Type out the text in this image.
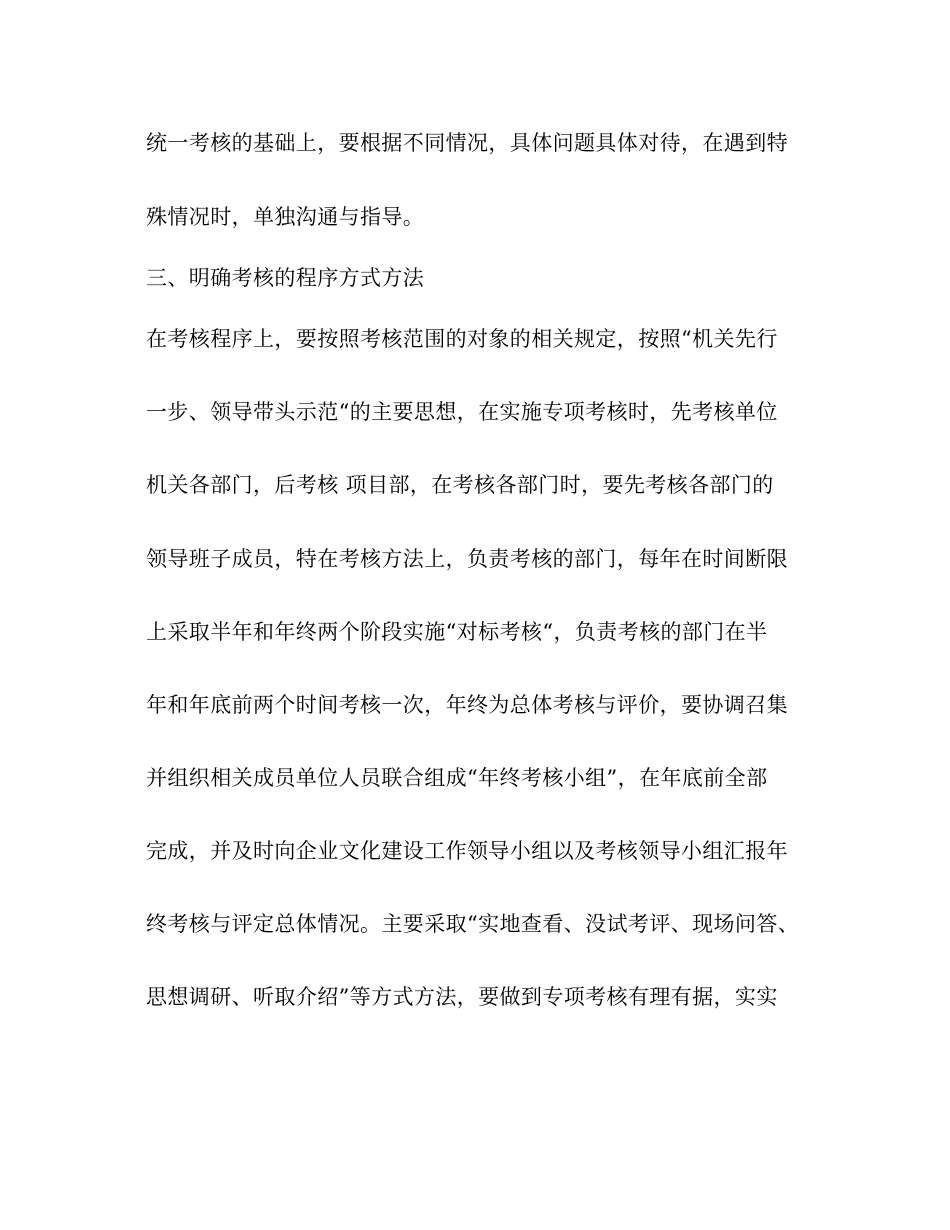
统一考核的基础上，要根据不同情况，具体问题具体对待，在遇到特
殊情况时，单独沟通与指导。
三、明确考核的程序方式方法
在考核程序上，要按照考核范围的对象的相关规定，按照“机关先行
一步、领导带头示范“的主要思想，在实施专项考核时，先考核单位
机关各部门，后考核 项目部，在考核各部门时，要先考核各部门的
领导班子成员，特在考核方法上，负责考核的部门，每年在时间断限
上采取半年和年终两个阶段实施“对标考核“，负责考核的部门在半
年和年底前两个时间考核一次，年终为总体考核与评价，要协调召集
并组织相关成员单位人员联合组成“年终考核小组”，在年底前全部
完成，并及时向企业文化建设工作领导小组以及考核领导小组汇报年
终考核与评定总体情况。主要采取“实地查看、没试考评、现场问答、
思想调研、听取介绍”等方式方法，要做到专项考核有理有据，实实
